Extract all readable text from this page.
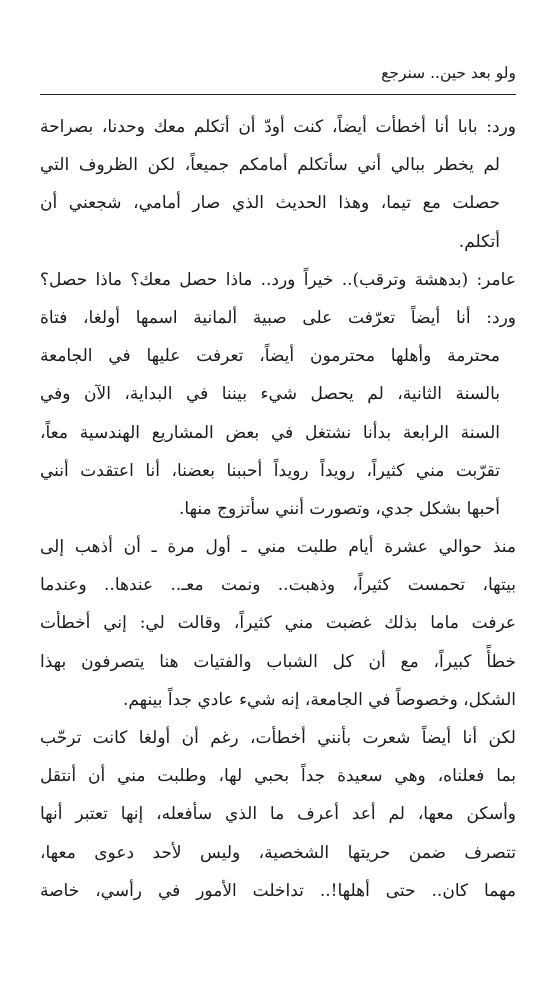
ولو بعد حين.. سنرجع
ورد: بابا أنا أخطأت أيضاً، كنت أودّ أن أتكلم معك وحدنا، بصراحة
لم يخطر ببالي أني سأتكلم أمامكم جميعاً، لكن الظروف التي
حصلت مع تيما، وهذا الحديث الذي صار أمامي، شجعني أن
أتكلم.
عامر: (بدهشة وترقب).. خيراً ورد.. ماذا حصل معك؟ ماذا حصل؟
ورد: أنا أيضاً تعرّفت على صبية ألمانية اسمها أولغا، فتاة
محترمة وأهلها محترمون أيضاً، تعرفت عليها في الجامعة
بالسنة الثانية، لم يحصل شيء بيننا في البداية، الآن وفي
السنة الرابعة بدأنا نشتغل في بعض المشاريع الهندسية معاً،
تقرّبت مني كثيراً، رويداً رويداً أحببنا بعضنا، أنا اعتقدت أنني
أحبها بشكل جدي، وتصورت أنني سأتزوج منها.
منذ حوالي عشرة أيام طلبت مني ـ أول مرة ـ أن أذهب إلى
بيتها، تحمست كثيراً، وذهبت.. ونمت معـ.. عندها.. وعندما
عرفت ماما بذلك غضبت مني كثيراً، وقالت لي: إني أخطأت
خطأً كبيراً، مع أن كل الشباب والفتيات هنا يتصرفون بهذا
الشكل، وخصوصاً في الجامعة، إنه شيء عادي جداً بينهم.
لكن أنا أيضاً شعرت بأنني أخطأت، رغم أن أولغا كانت ترحّب
بما فعلناه، وهي سعيدة جداً بحبي لها، وطلبت مني أن أنتقل
وأسكن معها، لم أعد أعرف ما الذي سأفعله، إنها تعتبر أنها
تتصرف ضمن حريتها الشخصية، وليس لأحد دعوى معها،
مهما كان.. حتى أهلها!.. تداخلت الأمور في رأسي، خاصة
